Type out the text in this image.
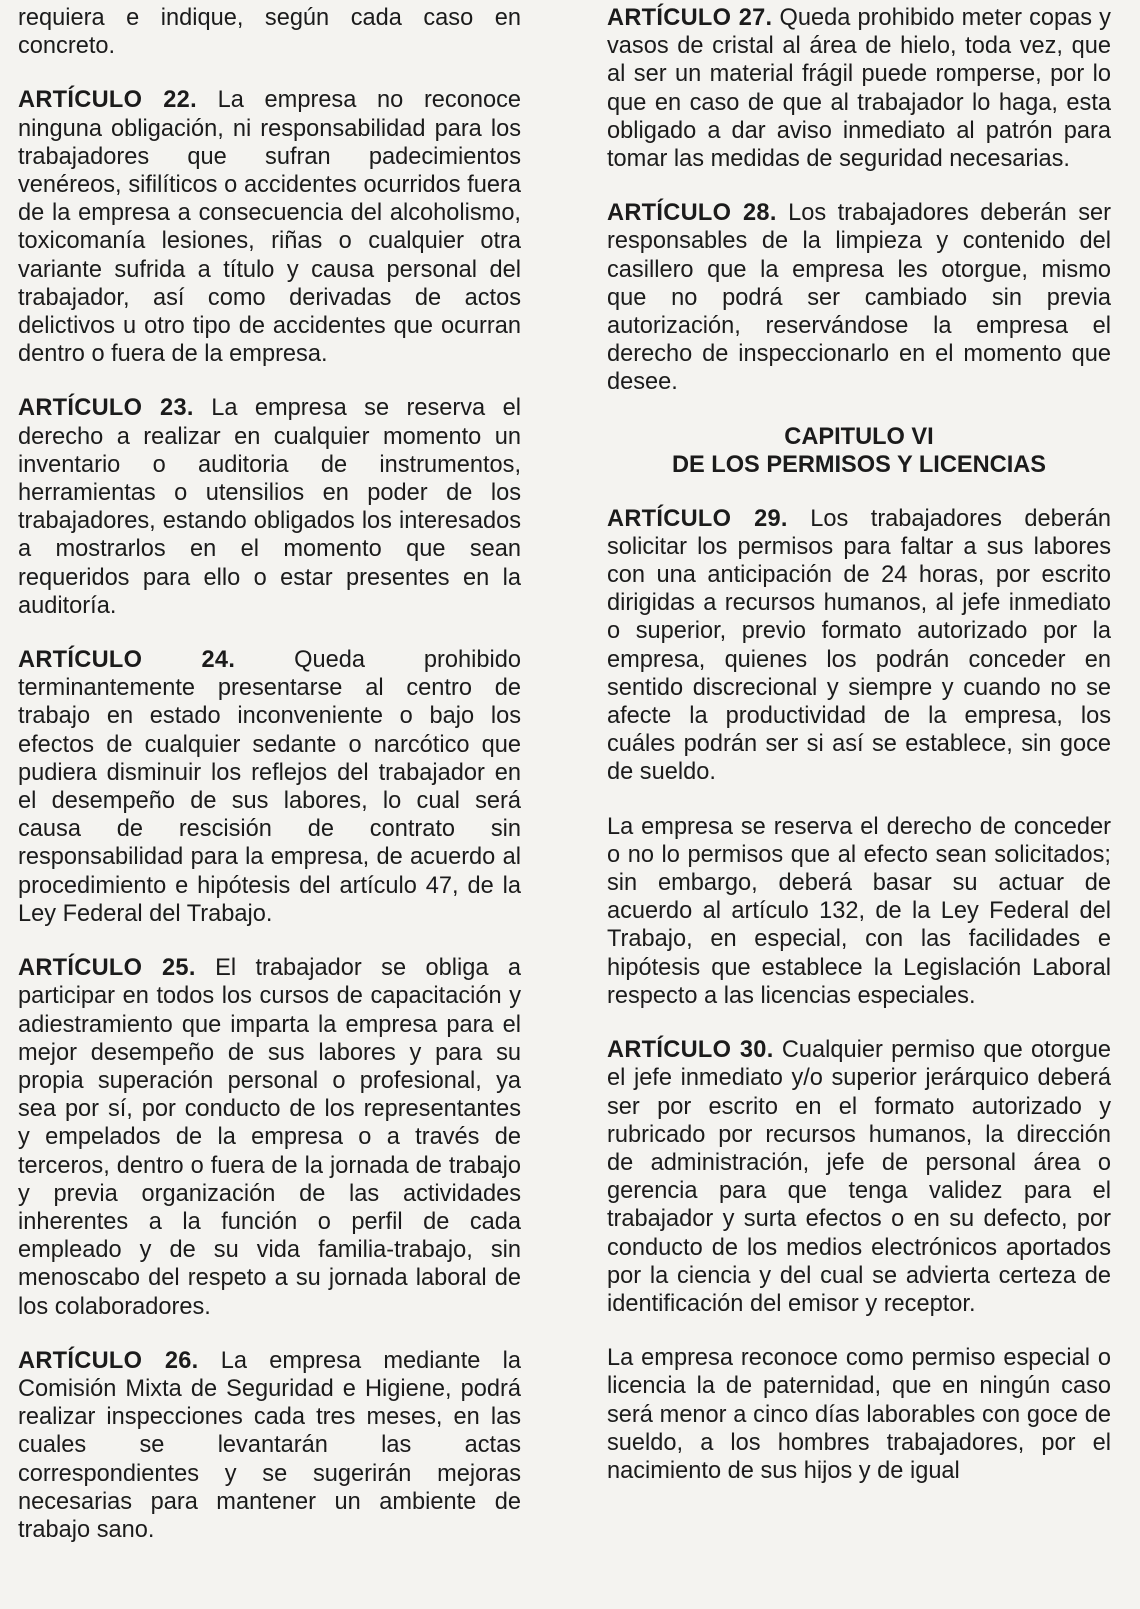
requiera e indique, según cada caso en concreto.

ARTÍCULO 22. La empresa no reconoce ninguna obligación, ni responsabilidad para los trabajadores que sufran padecimientos venéreos, sifilíticos o accidentes ocurridos fuera de la empresa a consecuencia del alcoholismo, toxicomanía lesiones, riñas o cualquier otra variante sufrida a título y causa personal del trabajador, así como derivadas de actos delictivos u otro tipo de accidentes que ocurran dentro o fuera de la empresa.

ARTÍCULO 23. La empresa se reserva el derecho a realizar en cualquier momento un inventario o auditoria de instrumentos, herramientas o utensilios en poder de los trabajadores, estando obligados los interesados a mostrarlos en el momento que sean requeridos para ello o estar presentes en la auditoría.

ARTÍCULO 24. Queda prohibido terminantemente presentarse al centro de trabajo en estado inconveniente o bajo los efectos de cualquier sedante o narcótico que pudiera disminuir los reflejos del trabajador en el desempeño de sus labores, lo cual será causa de rescisión de contrato sin responsabilidad para la empresa, de acuerdo al procedimiento e hipótesis del artículo 47, de la Ley Federal del Trabajo.

ARTÍCULO 25. El trabajador se obliga a participar en todos los cursos de capacitación y adiestramiento que imparta la empresa para el mejor desempeño de sus labores y para su propia superación personal o profesional, ya sea por sí, por conducto de los representantes y empelados de la empresa o a través de terceros, dentro o fuera de la jornada de trabajo y previa organización de las actividades inherentes a la función o perfil de cada empleado y de su vida familia-trabajo, sin menoscabo del respeto a su jornada laboral de los colaboradores.

ARTÍCULO 26. La empresa mediante la Comisión Mixta de Seguridad e Higiene, podrá realizar inspecciones cada tres meses, en las cuales se levantarán las actas correspondientes y se sugerirán mejoras necesarias para mantener un ambiente de trabajo sano.

ARTÍCULO 27. Queda prohibido meter copas y vasos de cristal al área de hielo, toda vez, que al ser un material frágil puede romperse, por lo que en caso de que al trabajador lo haga, esta obligado a dar aviso inmediato al patrón para tomar las medidas de seguridad necesarias.

ARTÍCULO 28. Los trabajadores deberán ser responsables de la limpieza y contenido del casillero que la empresa les otorgue, mismo que no podrá ser cambiado sin previa autorización, reservándose la empresa el derecho de inspeccionarlo en el momento que desee.

CAPITULO VI
DE LOS PERMISOS Y LICENCIAS

ARTÍCULO 29. Los trabajadores deberán solicitar los permisos para faltar a sus labores con una anticipación de 24 horas, por escrito dirigidas a recursos humanos, al jefe inmediato o superior, previo formato autorizado por la empresa, quienes los podrán conceder en sentido discrecional y siempre y cuando no se afecte la productividad de la empresa, los cuáles podrán ser si así se establece, sin goce de sueldo.

La empresa se reserva el derecho de conceder o no lo permisos que al efecto sean solicitados; sin embargo, deberá basar su actuar de acuerdo al artículo 132, de la Ley Federal del Trabajo, en especial, con las facilidades e hipótesis que establece la Legislación Laboral respecto a las licencias especiales.

ARTÍCULO 30. Cualquier permiso que otorgue el jefe inmediato y/o superior jerárquico deberá ser por escrito en el formato autorizado y rubricado por recursos humanos, la dirección de administración, jefe de personal área o gerencia para que tenga validez para el trabajador y surta efectos o en su defecto, por conducto de los medios electrónicos aportados por la ciencia y del cual se advierta certeza de identificación del emisor y receptor.

La empresa reconoce como permiso especial o licencia la de paternidad, que en ningún caso será menor a cinco días laborables con goce de sueldo, a los hombres trabajadores, por el nacimiento de sus hijos y de igual
